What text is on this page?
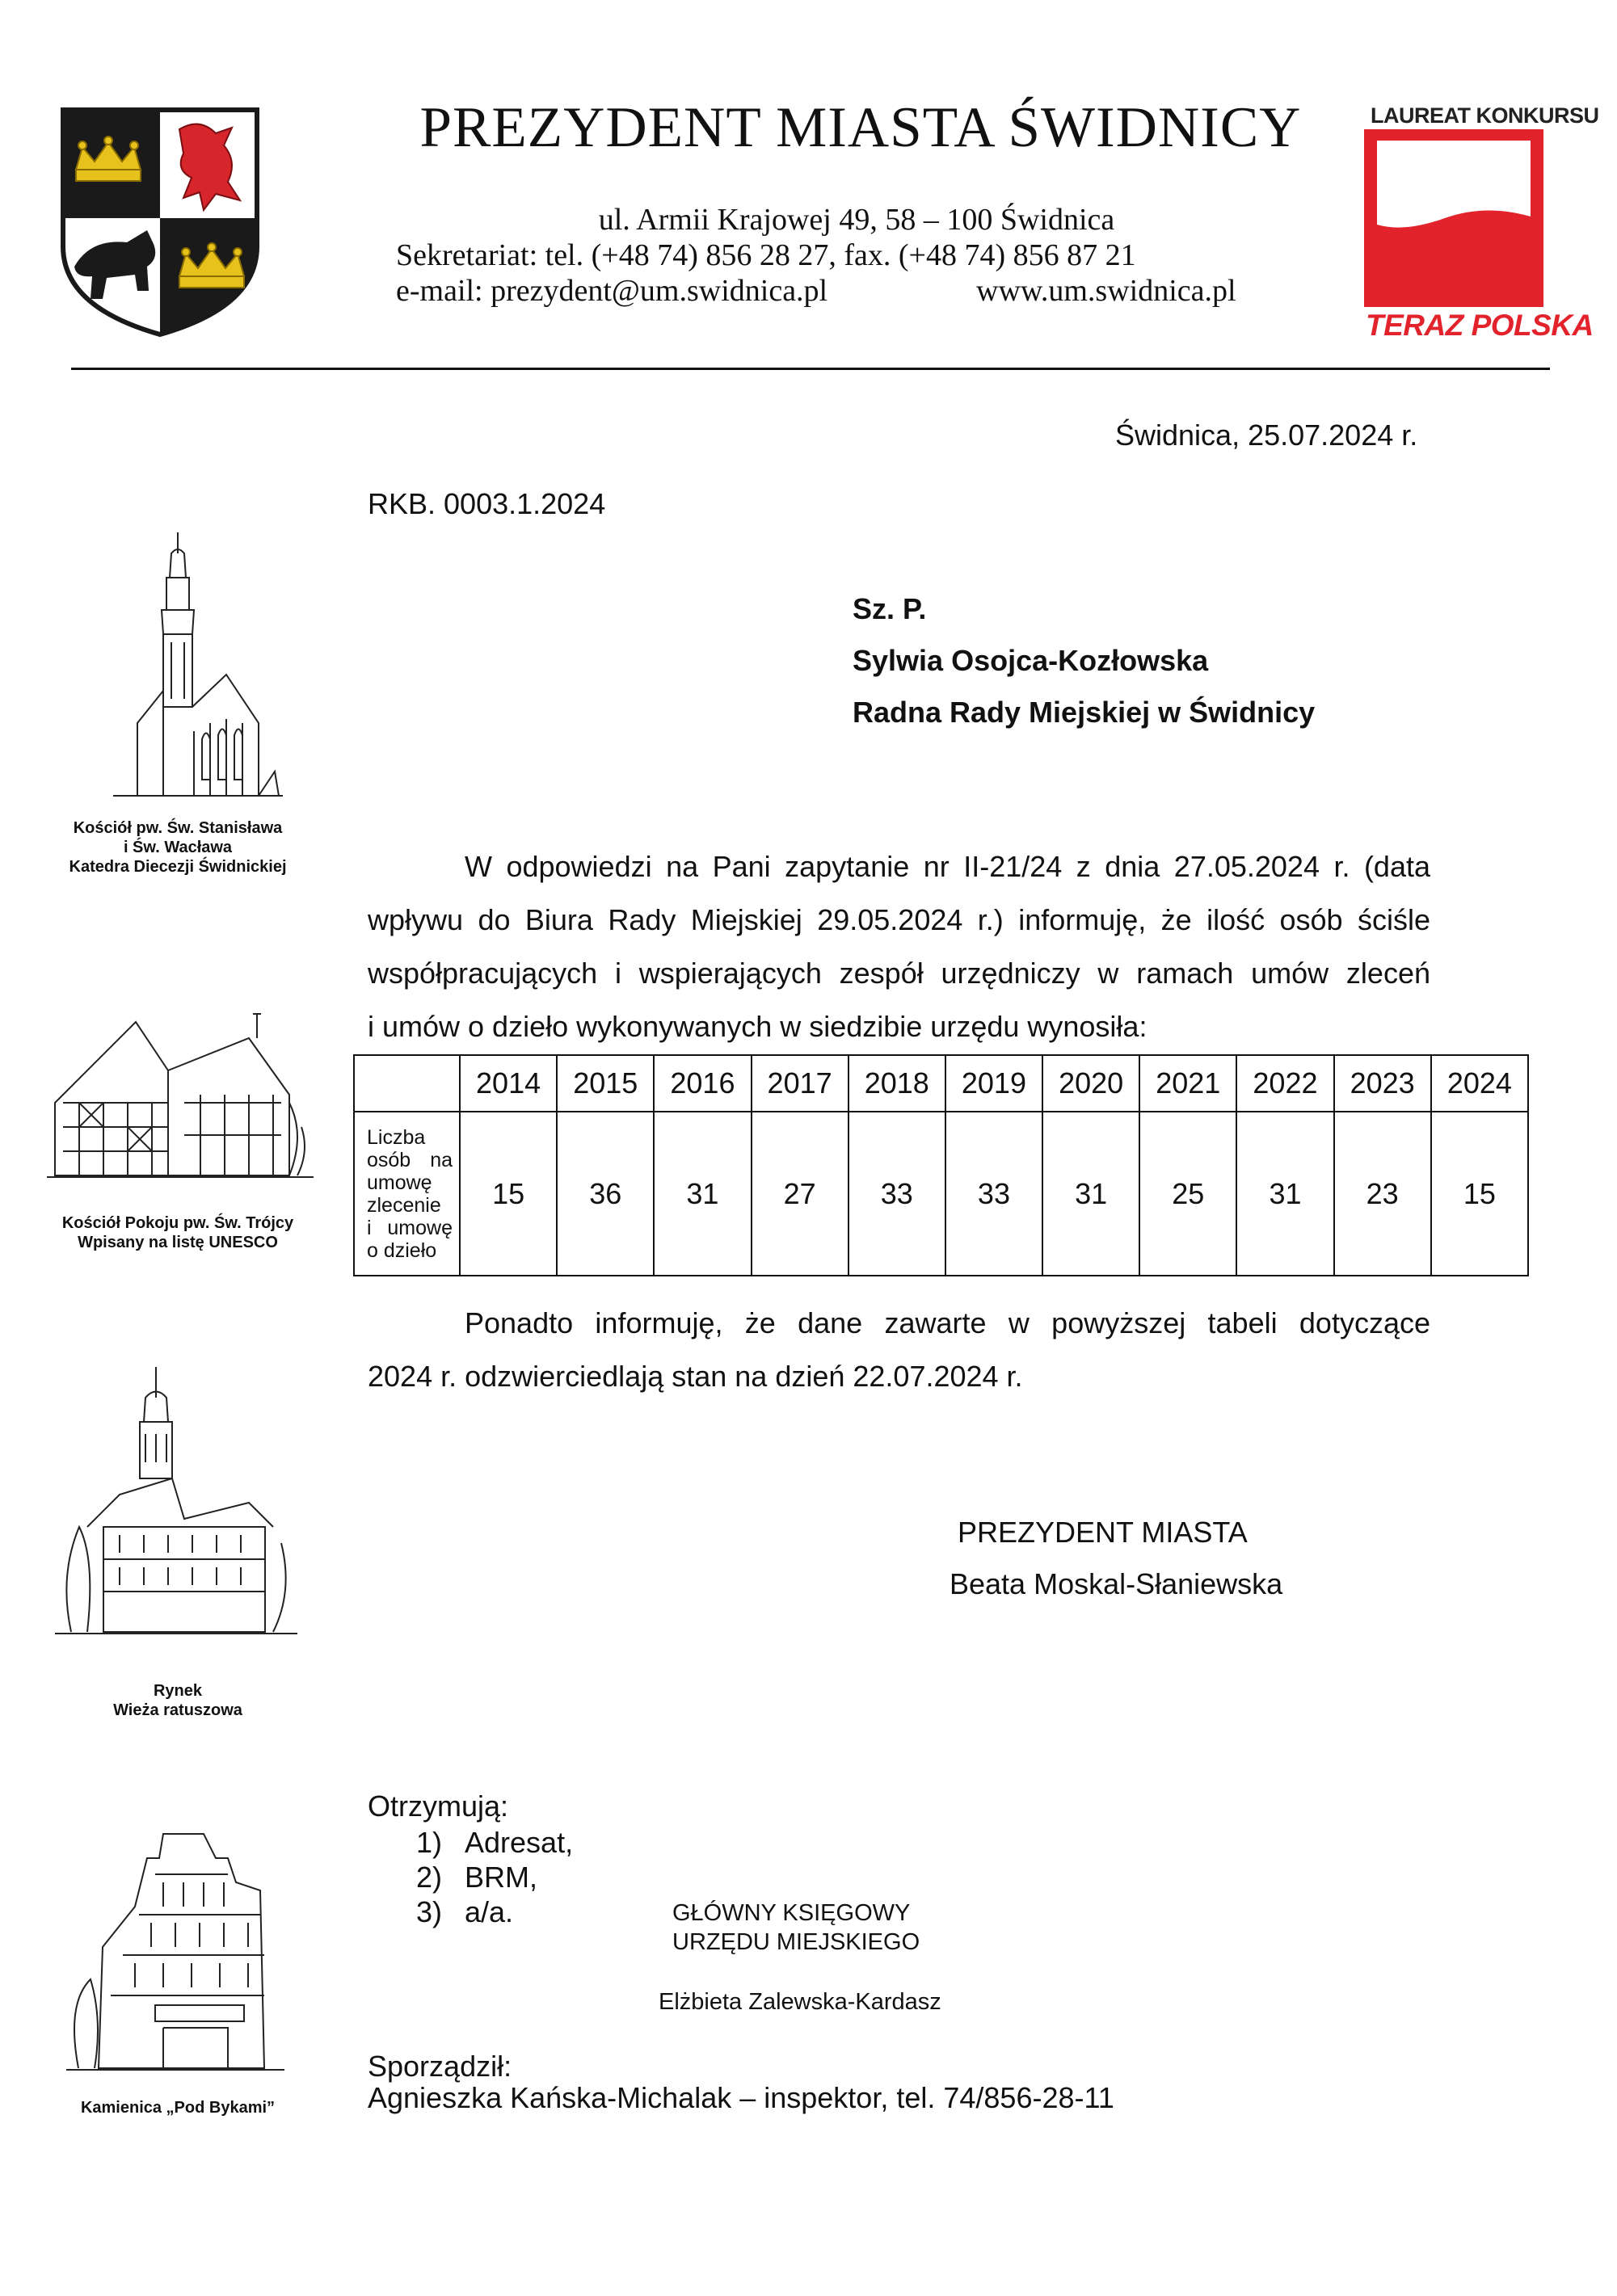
PREZYDENT MIASTA ŚWIDNICY
ul. Armii Krajowej 49, 58 – 100 Świdnica
Sekretariat: tel. (+48 74) 856 28 27, fax. (+48 74) 856 87 21
e-mail: prezydent@um.swidnica.pl	www.um.swidnica.pl
LAUREAT KONKURSU
TERAZ POLSKA
Kościół pw. Św. Stanisława
i Św. Wacława
Katedra Diecezji Świdnickiej
Kościół Pokoju pw. Św. Trójcy
Wpisany na listę UNESCO
Rynek
Wieża ratuszowa
Kamienica „Pod Bykami”
Świdnica, 25.07.2024 r.
RKB. 0003.1.2024
Sz. P.
Sylwia Osojca-Kozłowska
Radna Rady Miejskiej w Świdnicy
W odpowiedzi na Pani zapytanie nr II-21/24 z dnia 27.05.2024 r. (data
wpływu do Biura Rady Miejskiej 29.05.2024 r.) informuję, że ilość osób ściśle
współpracujących i wspierających zespół urzędniczy w ramach umów zleceń
i umów o dzieło wykonywanych w siedzibie urzędu wynosiła:
	2014	2015	2016	2017	2018	2019	2020	2021	2022	2023	2024
Liczba
osób na
umowę zlecenie
i umowę
o dzieło	15	36	31	27	33	33	31	25	31	23	15
Ponadto informuję, że dane zawarte w powyższej tabeli dotyczące
2024 r. odzwierciedlają stan na dzień 22.07.2024 r.
PREZYDENT MIASTA
Beata Moskal-Słaniewska
Otrzymują:
1) Adresat,
2) BRM,
3) a/a.	GŁÓWNY KSIĘGOWY
URZĘDU MIEJSKIEGO
Elżbieta Zalewska-Kardasz
Sporządził:
Agnieszka Kańska-Michalak – inspektor, tel. 74/856-28-11
